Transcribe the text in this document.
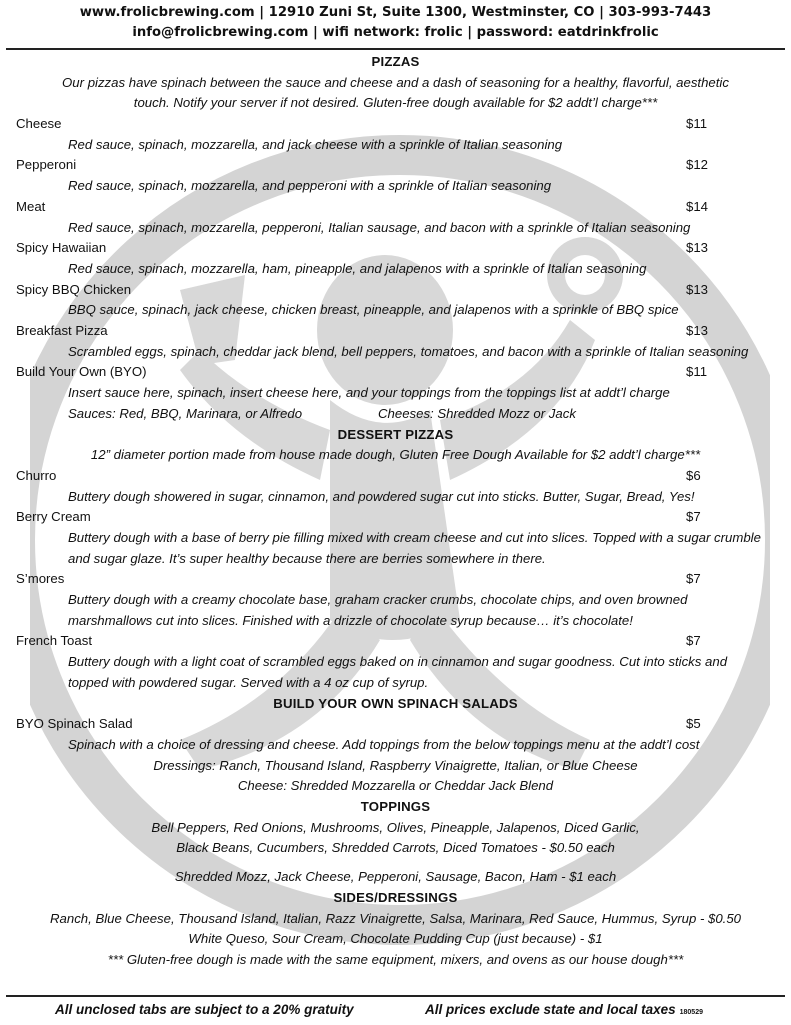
www.frolicbrewing.com | 12910 Zuni St, Suite 1300, Westminster, CO | 303-993-7443
info@frolicbrewing.com | wifi network: frolic | password: eatdrinkfrolic
PIZZAS
Our pizzas have spinach between the sauce and cheese and a dash of seasoning for a healthy, flavorful, aesthetic
touch. Notify your server if not desired. Gluten-free dough available for $2 addt’l charge***
Cheese	$11
Red sauce, spinach, mozzarella, and jack cheese with a sprinkle of Italian seasoning
Pepperoni	$12
Red sauce, spinach, mozzarella, and pepperoni with a sprinkle of Italian seasoning
Meat	$14
Red sauce, spinach, mozzarella, pepperoni, Italian sausage, and bacon with a sprinkle of Italian seasoning
Spicy Hawaiian	$13
Red sauce, spinach, mozzarella, ham, pineapple, and jalapenos with a sprinkle of Italian seasoning
Spicy BBQ Chicken	$13
BBQ sauce, spinach, jack cheese, chicken breast, pineapple, and jalapenos with a sprinkle of BBQ spice
Breakfast Pizza	$13
Scrambled eggs, spinach, cheddar jack blend, bell peppers, tomatoes, and bacon with a sprinkle of Italian seasoning
Build Your Own (BYO)	$11
Insert sauce here, spinach, insert cheese here, and your toppings from the toppings list at addt’l charge
Sauces: Red, BBQ, Marinara, or Alfredo	Cheeses: Shredded Mozz or Jack
DESSERT PIZZAS
12” diameter portion made from house made dough, Gluten Free Dough Available for $2 addt’l charge***
Churro	$6
Buttery dough showered in sugar, cinnamon, and powdered sugar cut into sticks. Butter, Sugar, Bread, Yes!
Berry Cream	$7
Buttery dough with a base of berry pie filling mixed with cream cheese and cut into slices. Topped with a sugar crumble and sugar glaze. It’s super healthy because there are berries somewhere in there.
S’mores	$7
Buttery dough with a creamy chocolate base, graham cracker crumbs, chocolate chips, and oven browned marshmallows cut into slices. Finished with a drizzle of chocolate syrup because… it’s chocolate!
French Toast	$7
Buttery dough with a light coat of scrambled eggs baked on in cinnamon and sugar goodness. Cut into sticks and topped with powdered sugar. Served with a 4 oz cup of syrup.
BUILD YOUR OWN SPINACH SALADS
BYO Spinach Salad	$5
Spinach with a choice of dressing and cheese. Add toppings from the below toppings menu at the addt’l cost
Dressings: Ranch, Thousand Island, Raspberry Vinaigrette, Italian, or Blue Cheese
Cheese: Shredded Mozzarella or Cheddar Jack Blend
TOPPINGS
Bell Peppers, Red Onions, Mushrooms, Olives, Pineapple, Jalapenos, Diced Garlic,
Black Beans, Cucumbers, Shredded Carrots, Diced Tomatoes - $0.50 each
Shredded Mozz, Jack Cheese, Pepperoni, Sausage, Bacon, Ham - $1 each
SIDES/DRESSINGS
Ranch, Blue Cheese, Thousand Island, Italian, Razz Vinaigrette, Salsa, Marinara, Red Sauce, Hummus, Syrup - $0.50
White Queso, Sour Cream, Chocolate Pudding Cup (just because) - $1
*** Gluten-free dough is made with the same equipment, mixers, and ovens as our house dough***
All unclosed tabs are subject to a 20% gratuity	All prices exclude state and local taxes 180529
